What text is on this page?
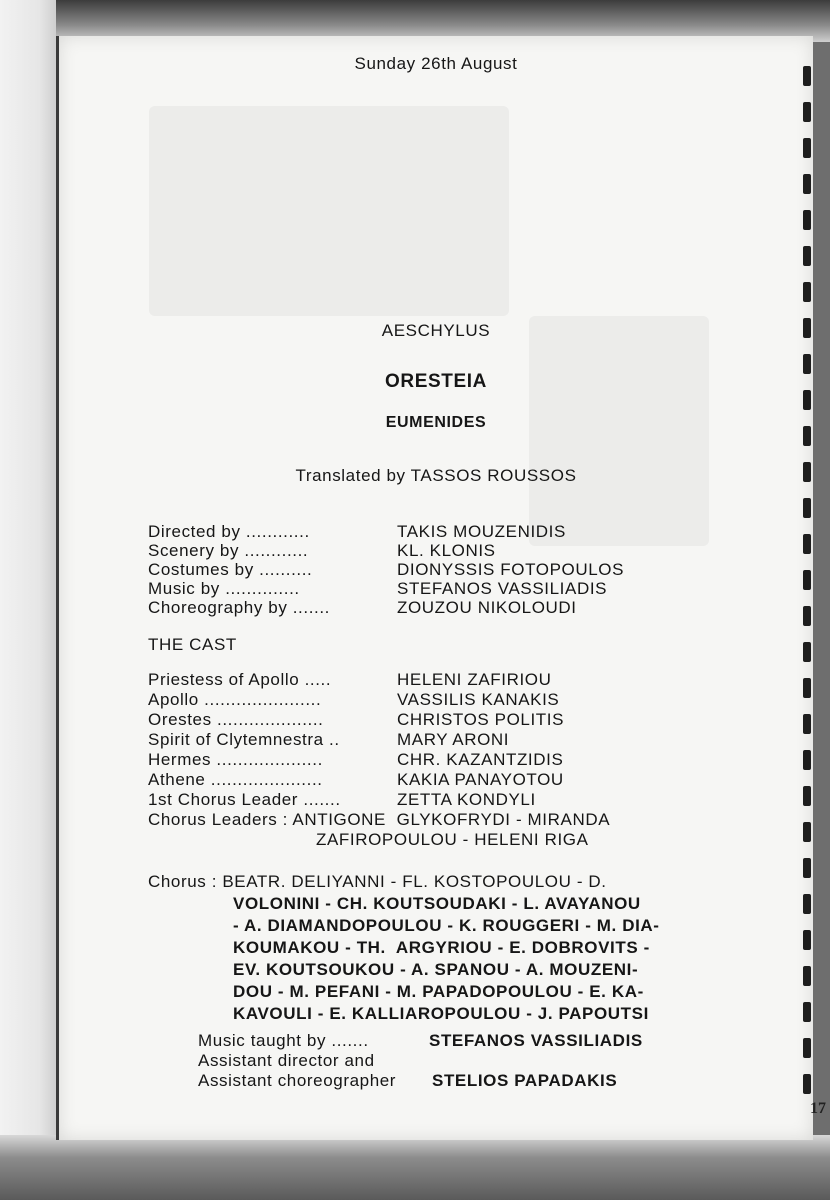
Sunday 26th August
AESCHYLUS
ORESTEIA
EUMENIDES
Translated by TASSOS ROUSSOS
Directed by ............	TAKIS MOUZENIDIS
Scenery by ............	KL. KLONIS
Costumes by ..........	DIONYSSIS FOTOPOULOS
Music by ..............	STEFANOS VASSILIADIS
Choreography by .......	ZOUZOU NIKOLOUDI
THE CAST
Priestess of Apollo .....	HELENI ZAFIRIOU
Apollo ......................	VASSILIS KANAKIS
Orestes ....................	CHRISTOS POLITIS
Spirit of Clytemnestra ..	MARY ARONI
Hermes ....................	CHR. KAZANTZIDIS
Athene .....................	KAKIA PANAYOTOU
1st Chorus Leader .......	ZETTA KONDYLI
Chorus Leaders : ANTIGONE  GLYKOFRYDI - MIRANDA
ZAFIROPOULOU - HELENI RIGA
Chorus : BEATR. DELIYANNI - FL. KOSTOPOULOU - D.
VOLONINI - CH. KOUTSOUDAKI - L. AVAYANOU
- A. DIAMANDOPOULOU - K. ROUGGERI - M. DIA-
KOUMAKOU - TH.  ARGYRIOU - E. DOBROVITS -
EV. KOUTSOUKOU - A. SPANOU - A. MOUZENI-
DOU - M. PEFANI - M. PAPADOPOULOU - E. KA-
KAVOULI - E. KALLIAROPOULOU - J. PAPOUTSI
Music taught by .......	STEFANOS VASSILIADIS
Assistant director and
Assistant choreographer STELIOS PAPADAKIS
17
